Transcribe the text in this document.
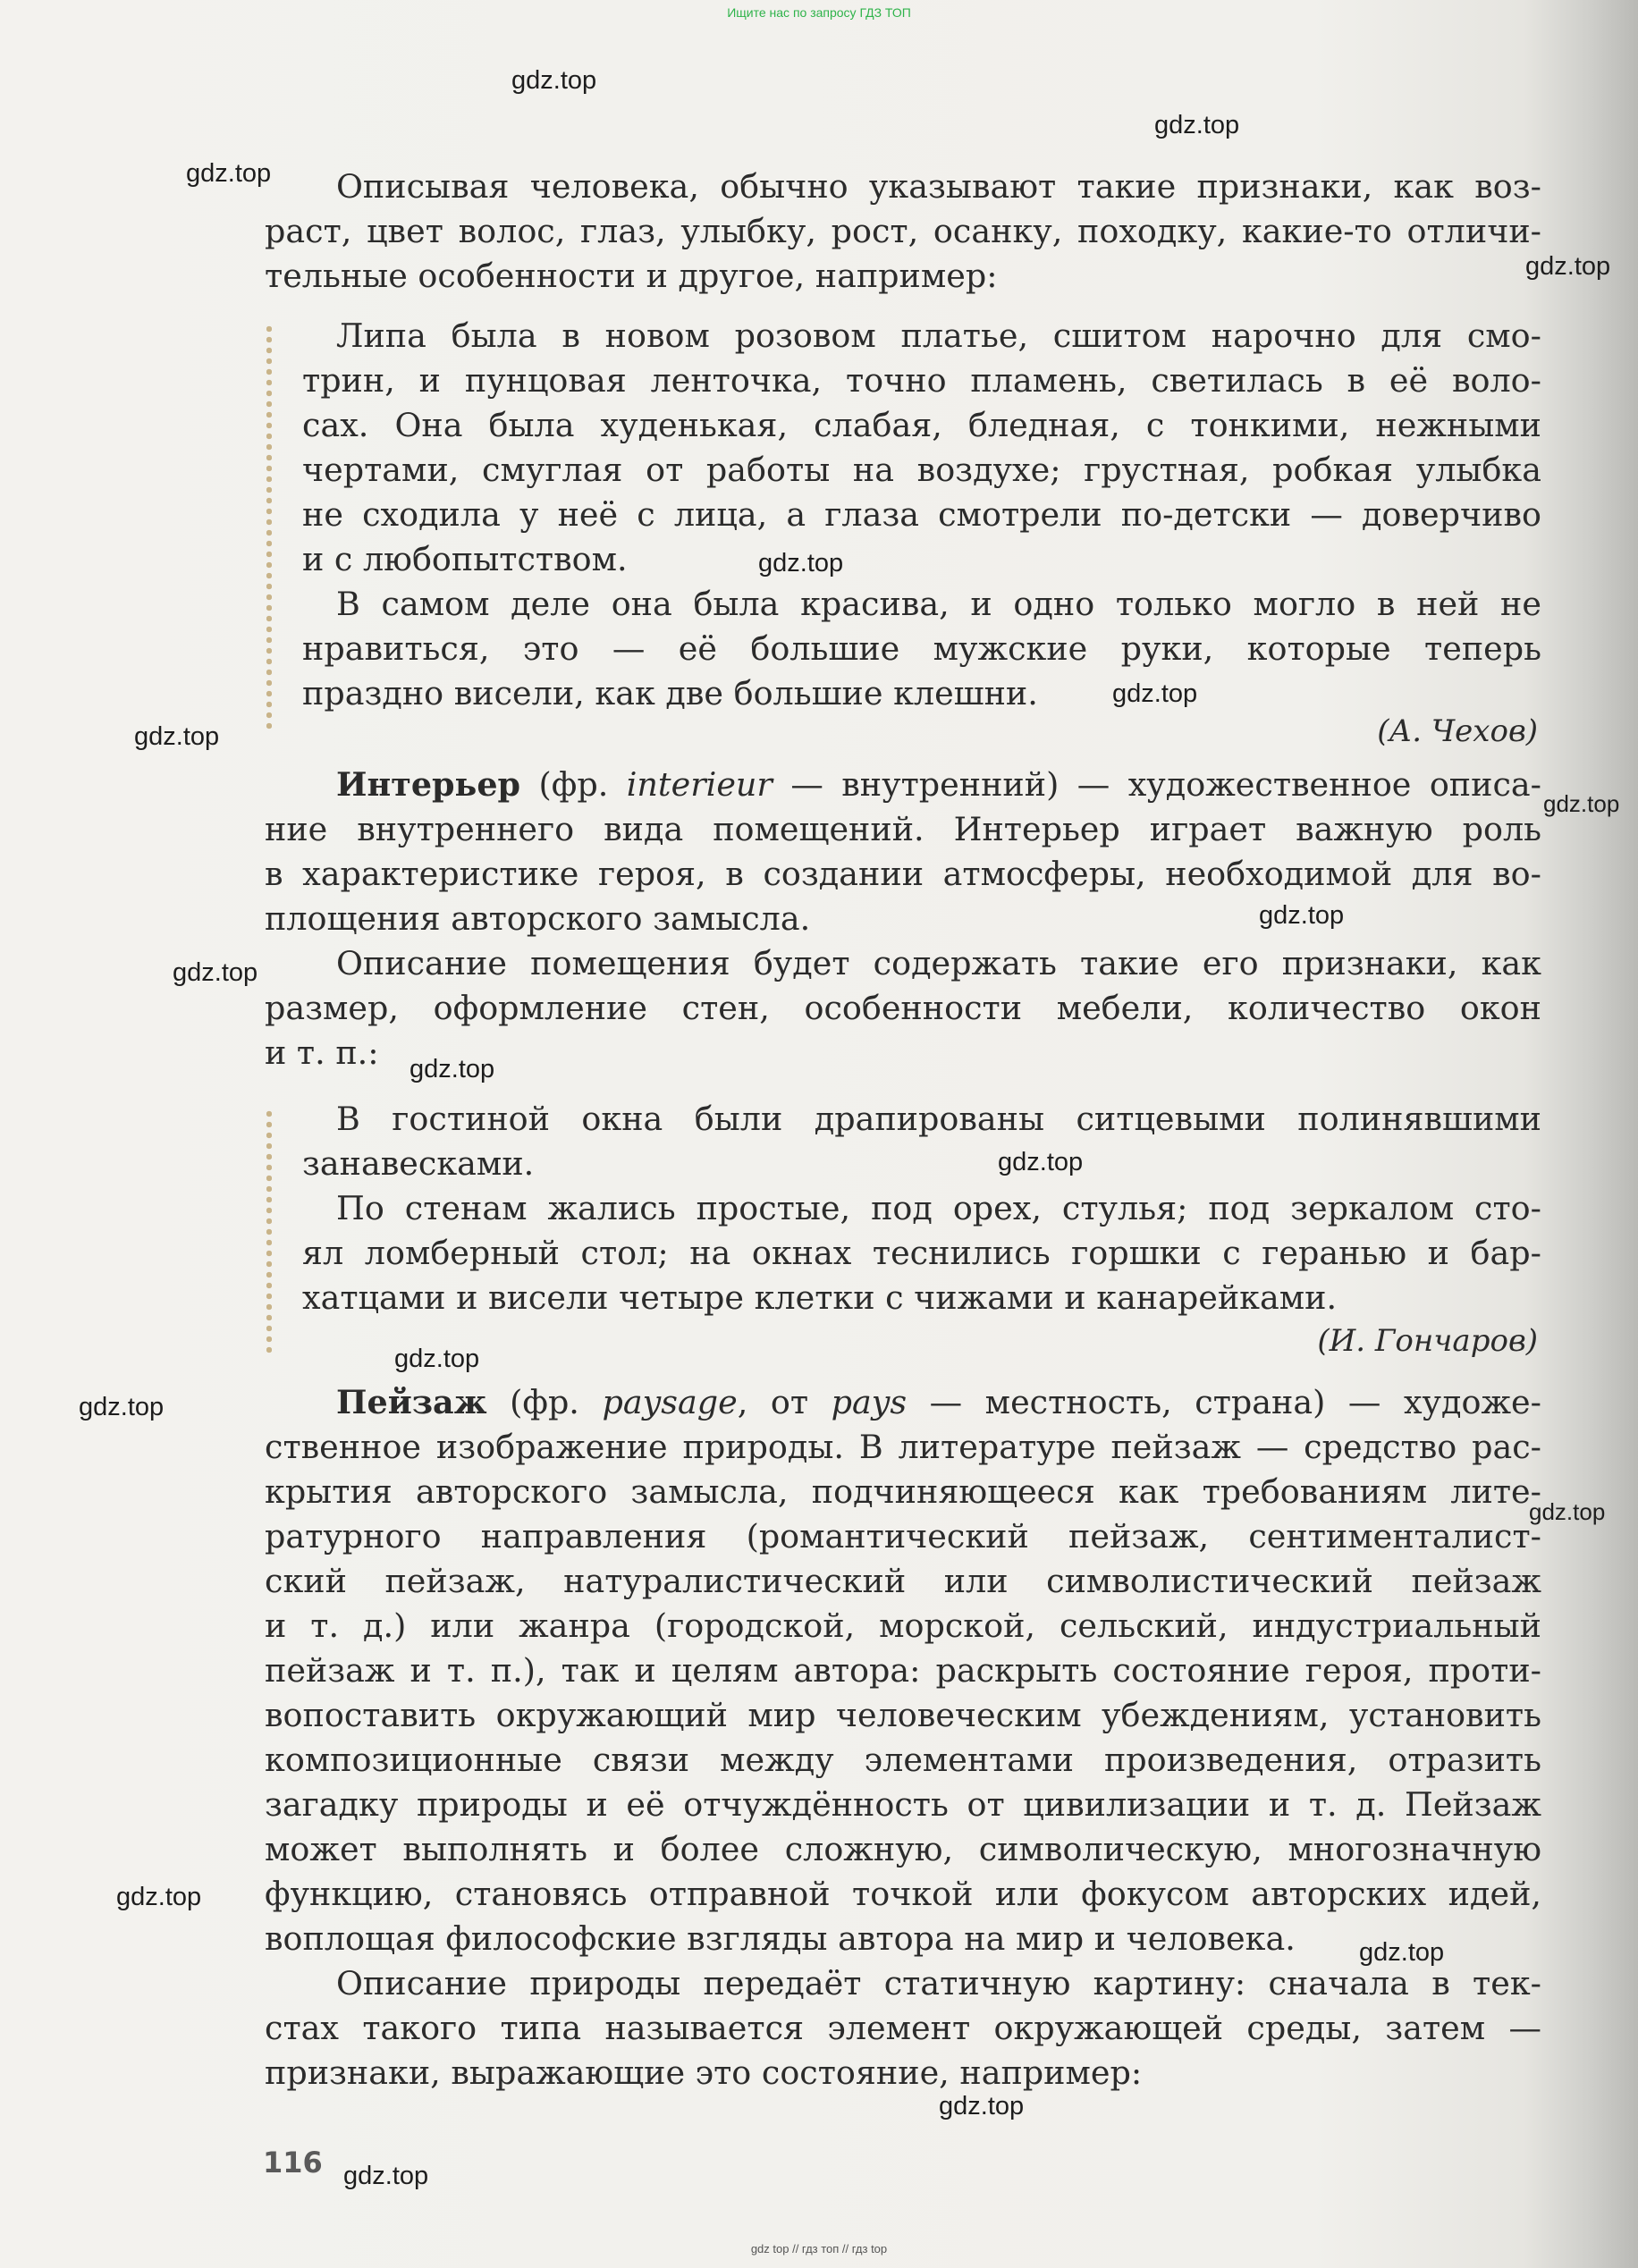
Ищите нас по запросу ГДЗ ТОП
gdz.top
gdz.top
gdz.top
gdz.top
gdz.top
gdz.top
gdz.top
gdz.top
gdz.top
gdz.top
gdz.top
gdz.top
gdz.top
gdz.top
gdz.top
gdz.top
gdz.top
gdz.top
gdz.top
Описывая человека, обычно указывают такие признаки, как воз-
раст, цвет волос, глаз, улыбку, рост, осанку, походку, какие-то отличи-
тельные особенности и другое, например:
Липа была в новом розовом платье, сшитом нарочно для смо-
трин, и пунцовая ленточка, точно пламень, светилась в её воло-
сах. Она была худенькая, слабая, бледная, с тонкими, нежными
чертами, смуглая от работы на воздухе; грустная, робкая улыбка
не сходила у неё с лица, а глаза смотрели по-детски — доверчиво
и с любопытством.
В самом деле она была красива, и одно только могло в ней не
нравиться, это — её большие мужские руки, которые теперь
праздно висели, как две большие клешни.
(А. Чехов)
Интерьер (фр. interieur — внутренний) — художественное описа-
ние внутреннего вида помещений. Интерьер играет важную роль
в характеристике героя, в создании атмосферы, необходимой для во-
площения авторского замысла.
Описание помещения будет содержать такие его признаки, как
размер, оформление стен, особенности мебели, количество окон
и т. п.:
В гостиной окна были драпированы ситцевыми полинявшими
занавесками.
По стенам жались простые, под орех, стулья; под зеркалом сто-
ял ломберный стол; на окнах теснились горшки с геранью и бар-
хатцами и висели четыре клетки с чижами и канарейками.
(И. Гончаров)
Пейзаж (фр. paysage, от pays — местность, страна) — художе-
ственное изображение природы. В литературе пейзаж — средство рас-
крытия авторского замысла, подчиняющееся как требованиям лите-
ратурного направления (романтический пейзаж, сентименталист-
ский пейзаж, натуралистический или символистический пейзаж
и т. д.) или жанра (городской, морской, сельский, индустриальный
пейзаж и т. п.), так и целям автора: раскрыть состояние героя, проти-
вопоставить окружающий мир человеческим убеждениям, установить
композиционные связи между элементами произведения, отразить
загадку природы и её отчуждённость от цивилизации и т. д. Пейзаж
может выполнять и более сложную, символическую, многозначную
функцию, становясь отправной точкой или фокусом авторских идей,
воплощая философские взгляды автора на мир и человека.
Описание природы передаёт статичную картину: сначала в тек-
стах такого типа называется элемент окружающей среды, затем —
признаки, выражающие это состояние, например:
116
gdz top // гдз топ // гдз top
